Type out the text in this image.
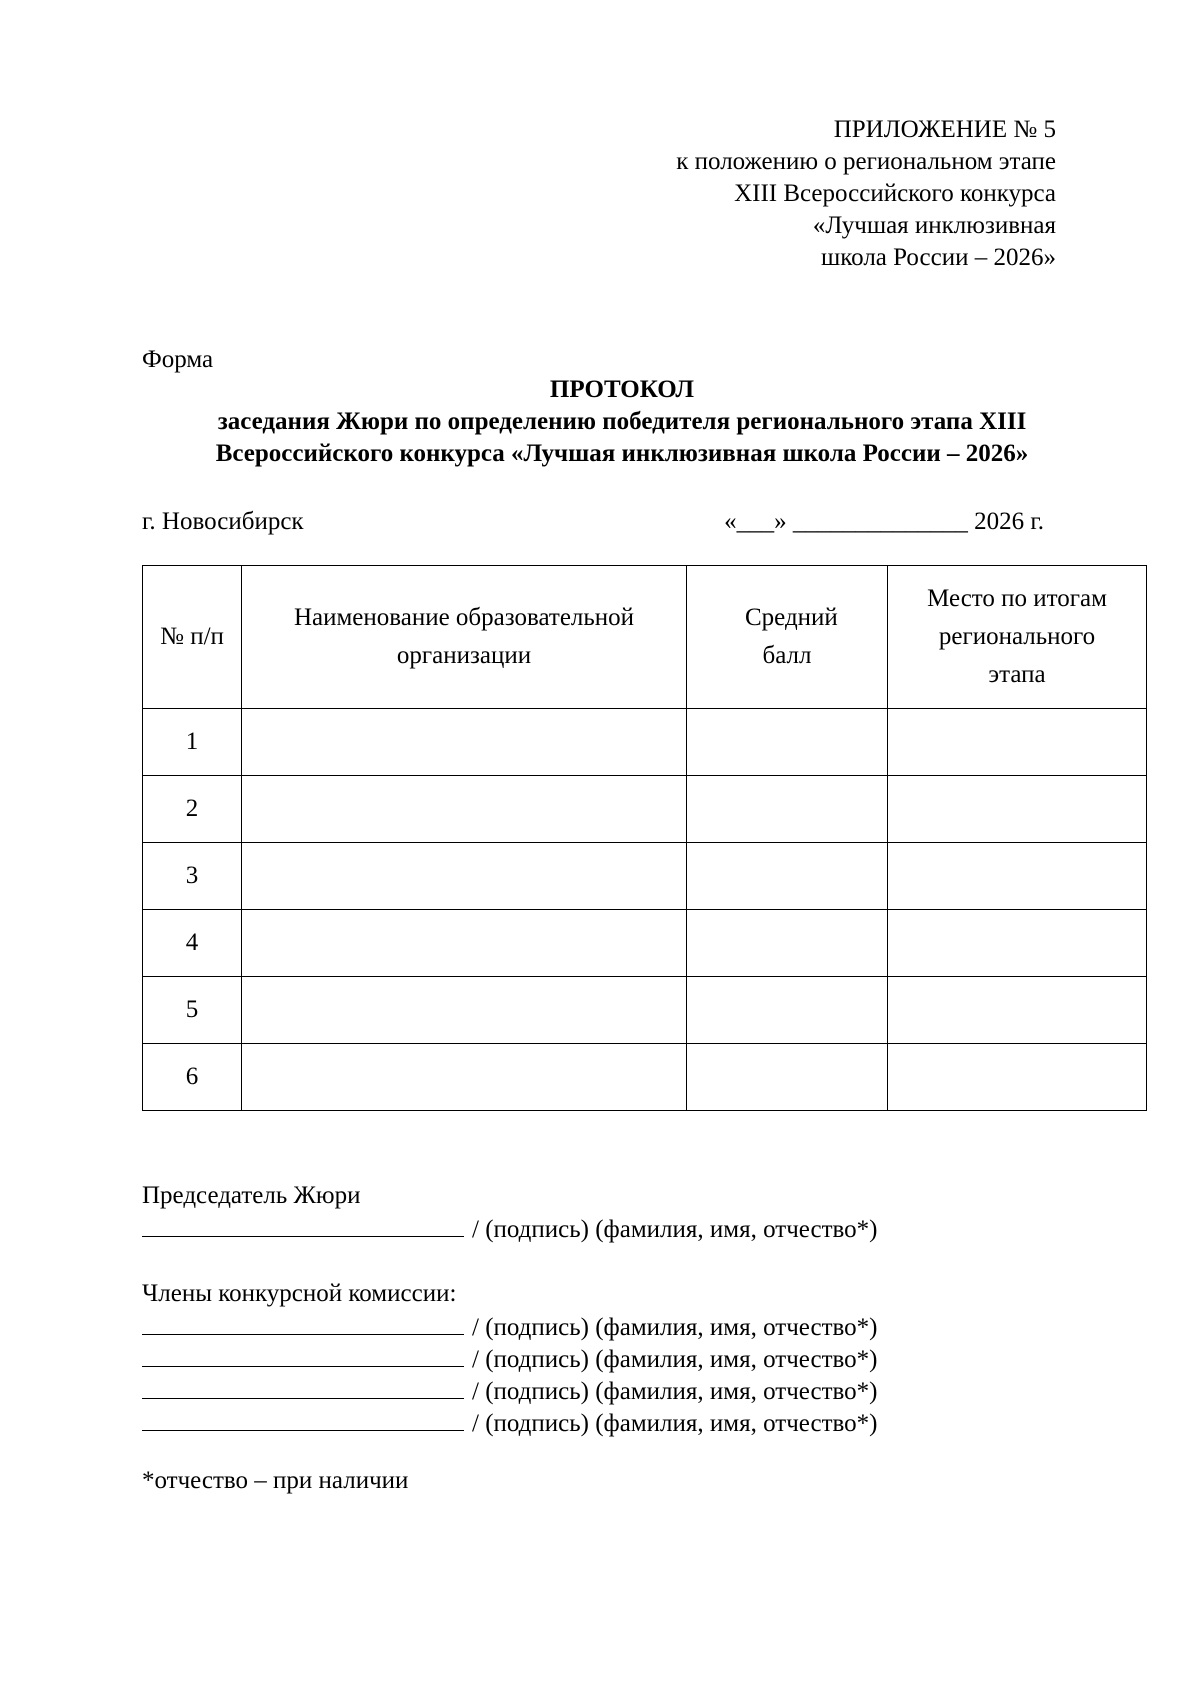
ПРИЛОЖЕНИЕ № 5
к положению о региональном этапе
XIII Всероссийского конкурса
«Лучшая инклюзивная
школа России – 2026»
Форма
ПРОТОКОЛ
заседания Жюри по определению победителя регионального этапа XIII
Всероссийского конкурса «Лучшая инклюзивная школа России – 2026»
г. Новосибирск	«___» ______________ 2026 г.
№ п/п	Наименование образовательной организации	Средний балл	Место по итогам регионального этапа
1			
2			
3			
4			
5			
6			
Председатель Жюри
/ (подпись) (фамилия, имя, отчество*)
Члены конкурсной комиссии:
/ (подпись) (фамилия, имя, отчество*)
/ (подпись) (фамилия, имя, отчество*)
/ (подпись) (фамилия, имя, отчество*)
/ (подпись) (фамилия, имя, отчество*)
*отчество – при наличии
